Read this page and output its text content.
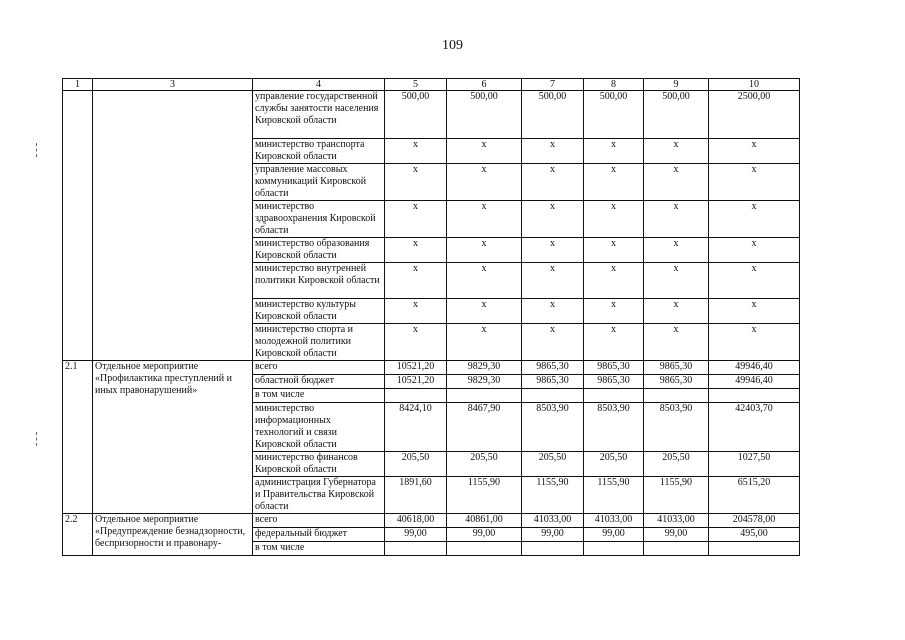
109
1	3	4	5	6	7	8	9	10
		управление государственной службы занятости населения Кировской области	500,00	500,00	500,00	500,00	500,00	2500,00
		министерство транспорта Кировской области	x	x	x	x	x	x
		управление массовых коммуникаций Кировской области	x	x	x	x	x	x
		министерство здравоохранения Кировской области	x	x	x	x	x	x
		министерство образования Кировской области	x	x	x	x	x	x
		министерство внутренней политики Кировской области	x	x	x	x	x	x
		министерство культуры Кировской области	x	x	x	x	x	x
		министерство спорта и молодежной политики Кировской области	x	x	x	x	x	x
2.1	Отдельное мероприятие «Профилактика преступлений и иных правонарушений»	всего	10521,20	9829,30	9865,30	9865,30	9865,30	49946,40
		областной бюджет	10521,20	9829,30	9865,30	9865,30	9865,30	49946,40
		в том числе						
		министерство информационных технологий и связи Кировской области	8424,10	8467,90	8503,90	8503,90	8503,90	42403,70
		министерство финансов Кировской области	205,50	205,50	205,50	205,50	205,50	1027,50
		администрация Губернатора и Правительства Кировской области	1891,60	1155,90	1155,90	1155,90	1155,90	6515,20
2.2	Отдельное мероприятие «Предупреждение безнадзорности, беспризорности и правонару-	всего	40618,00	40861,00	41033,00	41033,00	41033,00	204578,00
		федеральный бюджет	99,00	99,00	99,00	99,00	99,00	495,00
		в том числе						
